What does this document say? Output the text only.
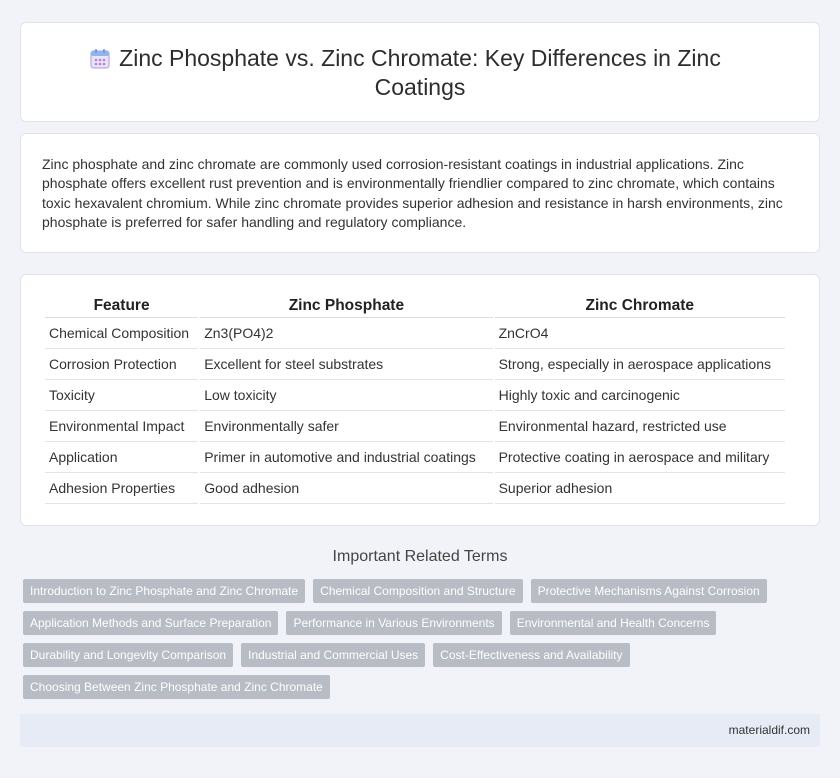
Zinc Phosphate vs. Zinc Chromate: Key Differences in Zinc Coatings

Zinc phosphate and zinc chromate are commonly used corrosion-resistant coatings in industrial applications. Zinc phosphate offers excellent rust prevention and is environmentally friendlier compared to zinc chromate, which contains toxic hexavalent chromium. While zinc chromate provides superior adhesion and resistance in harsh environments, zinc phosphate is preferred for safer handling and regulatory compliance.

Feature	Zinc Phosphate	Zinc Chromate
Chemical Composition	Zn3(PO4)2	ZnCrO4
Corrosion Protection	Excellent for steel substrates	Strong, especially in aerospace applications
Toxicity	Low toxicity	Highly toxic and carcinogenic
Environmental Impact	Environmentally safer	Environmental hazard, restricted use
Application	Primer in automotive and industrial coatings	Protective coating in aerospace and military
Adhesion Properties	Good adhesion	Superior adhesion
Important Related Terms
Introduction to Zinc Phosphate and Zinc Chromate	Chemical Composition and Structure	Protective Mechanisms Against Corrosion
Application Methods and Surface Preparation	Performance in Various Environments	Environmental and Health Concerns
Durability and Longevity Comparison	Industrial and Commercial Uses	Cost-Effectiveness and Availability
Choosing Between Zinc Phosphate and Zinc Chromate
materialdif.com
